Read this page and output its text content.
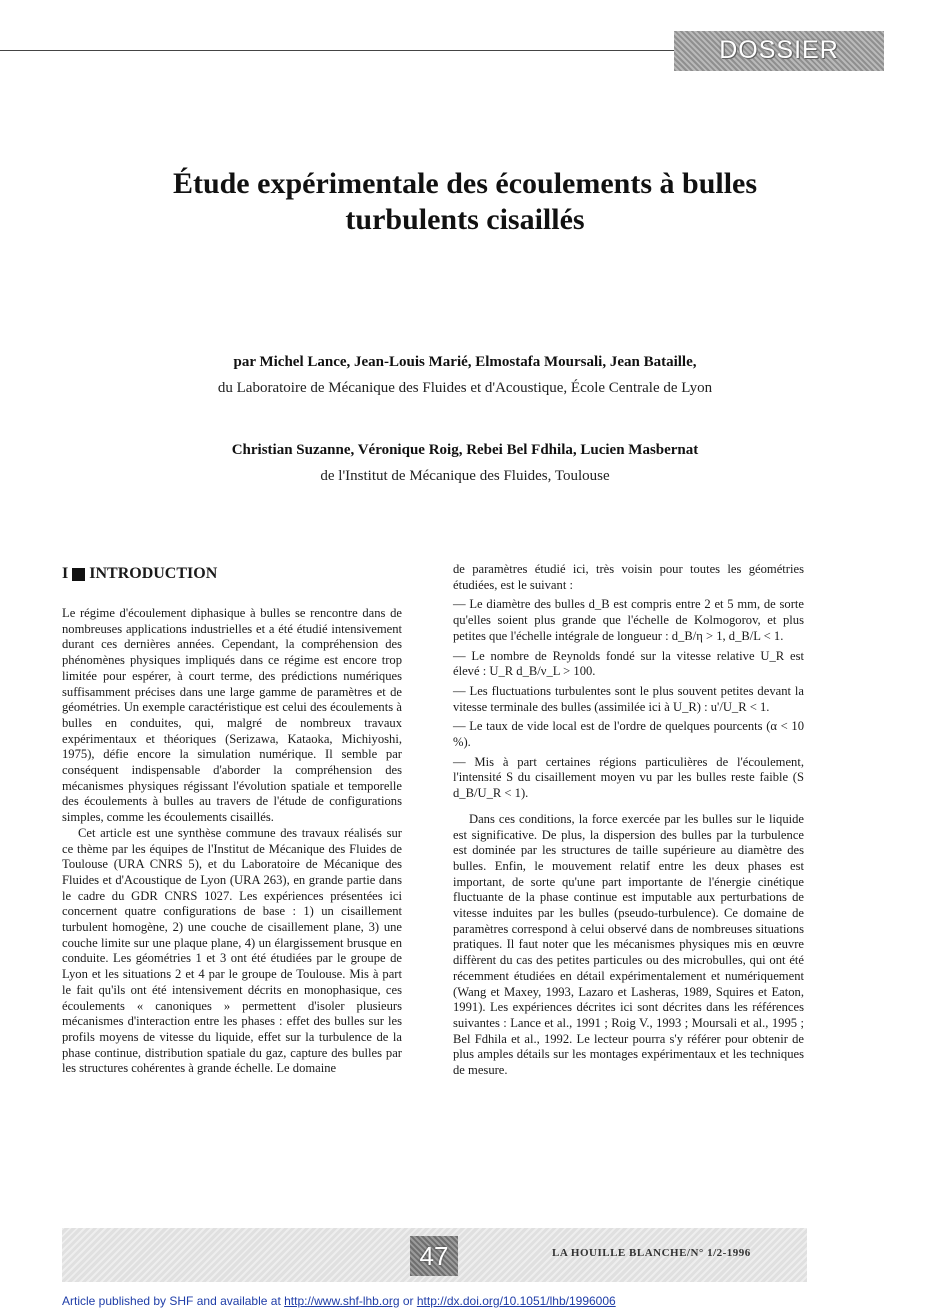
DOSSIER
Étude expérimentale des écoulements à bulles
turbulents cisaillés
par Michel Lance, Jean-Louis Marié, Elmostafa Moursali, Jean Bataille,
du Laboratoire de Mécanique des Fluides et d'Acoustique, École Centrale de Lyon
Christian Suzanne, Véronique Roig, Rebei Bel Fdhila, Lucien Masbernat
de l'Institut de Mécanique des Fluides, Toulouse
I INTRODUCTION

Le régime d'écoulement diphasique à bulles se rencontre dans de nombreuses applications industrielles et a été étudié intensivement durant ces dernières années. Cependant, la compréhension des phénomènes physiques impliqués dans ce régime est encore trop limitée pour espérer, à court terme, des prédictions numériques suffisamment précises dans une large gamme de paramètres et de géométries. Un exemple caractéristique est celui des écoulements à bulles en conduites, qui, malgré de nombreux travaux expérimentaux et théoriques (Serizawa, Kataoka, Michiyoshi, 1975), défie encore la simulation numérique. Il semble par conséquent indispensable d'aborder la compréhension des mécanismes physiques régissant l'évolution spatiale et temporelle des écoulements à bulles au travers de l'étude de configurations simples, comme les écoulements cisaillés.

Cet article est une synthèse commune des travaux réalisés sur ce thème par les équipes de l'Institut de Mécanique des Fluides de Toulouse (URA CNRS 5), et du Laboratoire de Mécanique des Fluides et d'Acoustique de Lyon (URA 263), en grande partie dans le cadre du GDR CNRS 1027. Les expériences présentées ici concernent quatre configurations de base : 1) un cisaillement turbulent homogène, 2) une couche de cisaillement plane, 3) une couche limite sur une plaque plane, 4) un élargissement brusque en conduite. Les géométries 1 et 3 ont été étudiées par le groupe de Lyon et les situations 2 et 4 par le groupe de Toulouse. Mis à part le fait qu'ils ont été intensivement décrits en monophasique, ces écoulements « canoniques » permettent d'isoler plusieurs mécanismes d'interaction entre les phases : effet des bulles sur les profils moyens de vitesse du liquide, effet sur la turbulence de la phase continue, distribution spatiale du gaz, capture des bulles par les structures cohérentes à grande échelle. Le domaine

de paramètres étudié ici, très voisin pour toutes les géométries étudiées, est le suivant :

— Le diamètre des bulles d_B est compris entre 2 et 5 mm, de sorte qu'elles soient plus grande que l'échelle de Kolmogorov, et plus petites que l'échelle intégrale de longueur : d_B/η > 1, d_B/L < 1.

— Le nombre de Reynolds fondé sur la vitesse relative U_R est élevé : U_R d_B/ν_L > 100.

— Les fluctuations turbulentes sont le plus souvent petites devant la vitesse terminale des bulles (assimilée ici à U_R) : u'/U_R < 1.

— Le taux de vide local est de l'ordre de quelques pourcents (α < 10 %).

— Mis à part certaines régions particulières de l'écoulement, l'intensité S du cisaillement moyen vu par les bulles reste faible (S d_B/U_R < 1).

Dans ces conditions, la force exercée par les bulles sur le liquide est significative. De plus, la dispersion des bulles par la turbulence est dominée par les structures de taille supérieure au diamètre des bulles. Enfin, le mouvement relatif entre les deux phases est important, de sorte qu'une part importante de l'énergie cinétique fluctuante de la phase continue est imputable aux perturbations de vitesse induites par les bulles (pseudo-turbulence). Ce domaine de paramètres correspond à celui observé dans de nombreuses situations pratiques. Il faut noter que les mécanismes physiques mis en œuvre diffèrent du cas des petites particules ou des microbulles, qui ont été récemment étudiées en détail expérimentalement et numériquement (Wang et Maxey, 1993, Lazaro et Lasheras, 1989, Squires et Eaton, 1991). Les expériences décrites ici sont décrites dans les références suivantes : Lance et al., 1991 ; Roig V., 1993 ; Moursali et al., 1995 ; Bel Fdhila et al., 1992. Le lecteur pourra s'y référer pour obtenir de plus amples détails sur les montages expérimentaux et les techniques de mesure.

47	LA HOUILLE BLANCHE/N° 1/2-1996
Article published by SHF and available at http://www.shf-lhb.org or http://dx.doi.org/10.1051/lhb/1996006
